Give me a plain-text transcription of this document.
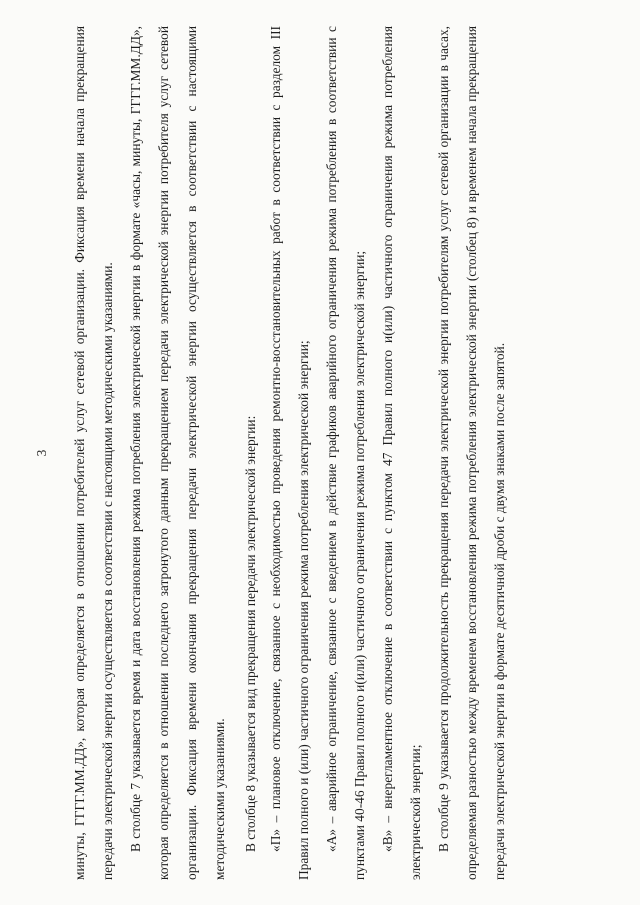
3	минуты, ГГГГ.ММ.ДД», которая определяется в отношении потребителей услуг сетевой организации. Фиксация времени начала прекращения передачи электрической энергии осуществляется в соответствии с настоящими методическими указаниями. В столбце 7 указывается время и дата восстановления режима потребления электрической энергии в формате «часы, минуты, ГГГГ.ММ.ДД», которая определяется в отношении последнего затронутого данным прекращением передачи электрической энергии потребителя услуг сетевой организации. Фиксация времени окончания прекращения передачи электрической энергии осуществляется в соответствии с настоящими методическими указаниями.	В столбце 8 указывается вид прекращения передачи электрической энергии: «П» – плановое отключение, связанное с необходимостью проведения ремонтно-восстановительных работ в соответствии с разделом III Правил полного и (или) частичного ограничения режима потребления электрической энергии; «А» – аварийное ограничение, связанное с введением в действие графиков аварийного ограничения режима потребления в соответствии с пунктами 40-46 Правил полного и(или) частичного ограничения режима потребления электрической энергии; «В» – внерегламентное отключение в соответствии с пунктом 47 Правил полного и(или) частичного ограничения режима потребления электрической энергии; В столбце 9 указывается продолжительность прекращения передачи электрической энергии потребителям услуг сетевой организации в часах, определяемая разностью между временем восстановления режима потребления электрической энергии (столбец 8) и временем начала прекращения передачи электрической энергии в формате десятичной дроби с двумя знаками после запятой.
